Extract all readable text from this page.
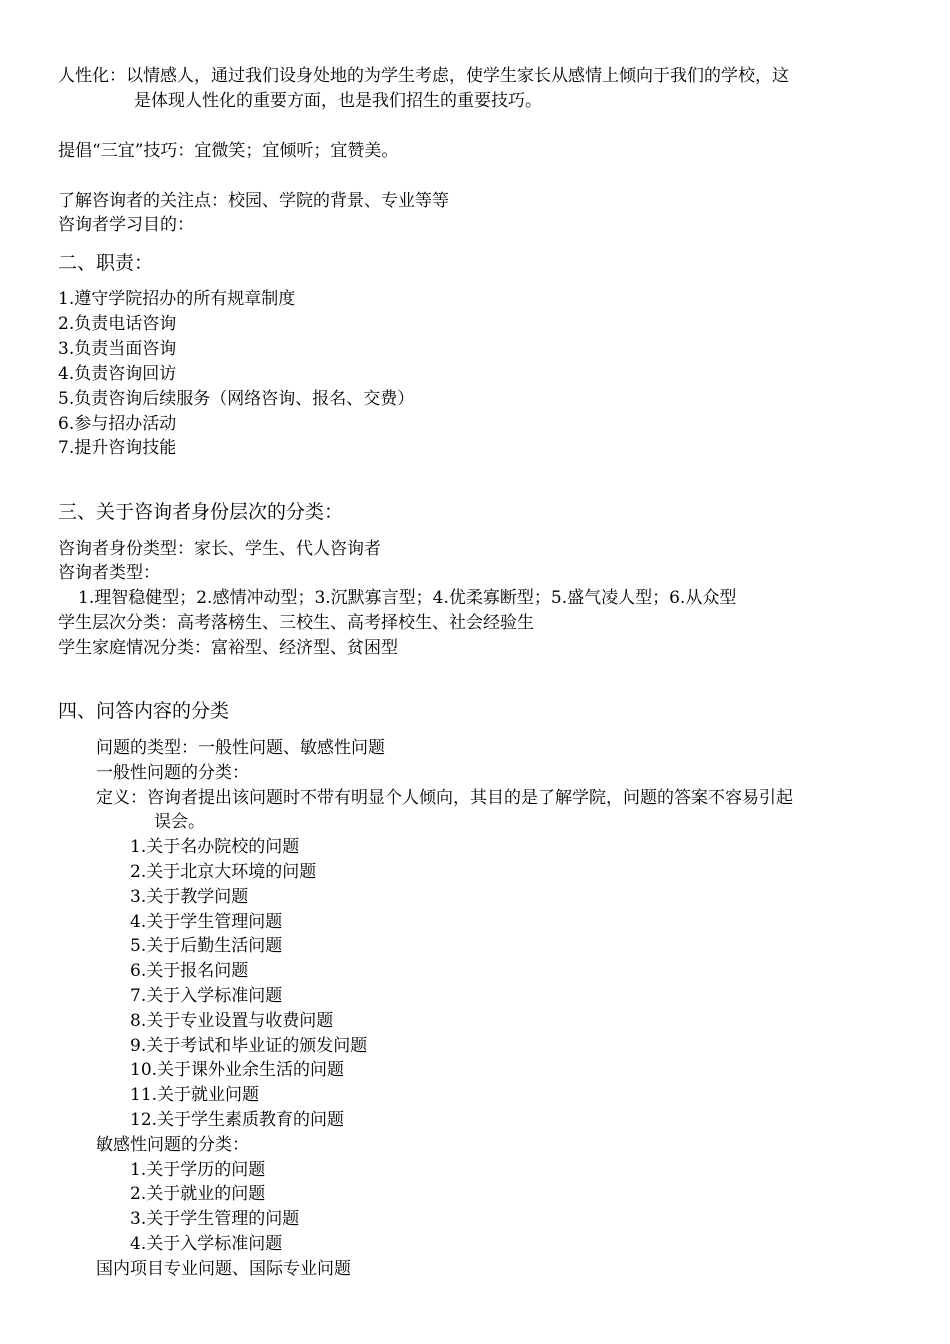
人性化：以情感人，通过我们设身处地的为学生考虑，使学生家长从感情上倾向于我们的学校，这
是体现人性化的重要方面，也是我们招生的重要技巧。
提倡“三宜”技巧：宜微笑；宜倾听；宜赞美。
了解咨询者的关注点：校园、学院的背景、专业等等
咨询者学习目的：
二、职责：
1.遵守学院招办的所有规章制度
2.负责电话咨询
3.负责当面咨询
4.负责咨询回访
5.负责咨询后续服务（网络咨询、报名、交费）
6.参与招办活动
7.提升咨询技能
三、关于咨询者身份层次的分类：
咨询者身份类型：家长、学生、代人咨询者
咨询者类型：
1.理智稳健型；2.感情冲动型；3.沉默寡言型；4.优柔寡断型；5.盛气凌人型；6.从众型
学生层次分类：高考落榜生、三校生、高考择校生、社会经验生
学生家庭情况分类：富裕型、经济型、贫困型
四、问答内容的分类
问题的类型：一般性问题、敏感性问题
一般性问题的分类：
定义：咨询者提出该问题时不带有明显个人倾向，其目的是了解学院，问题的答案不容易引起
误会。
1.关于名办院校的问题
2.关于北京大环境的问题
3.关于教学问题
4.关于学生管理问题
5.关于后勤生活问题
6.关于报名问题
7.关于入学标准问题
8.关于专业设置与收费问题
9.关于考试和毕业证的颁发问题
10.关于课外业余生活的问题
11.关于就业问题
12.关于学生素质教育的问题
敏感性问题的分类：
1.关于学历的问题
2.关于就业的问题
3.关于学生管理的问题
4.关于入学标准问题
国内项目专业问题、国际专业问题
